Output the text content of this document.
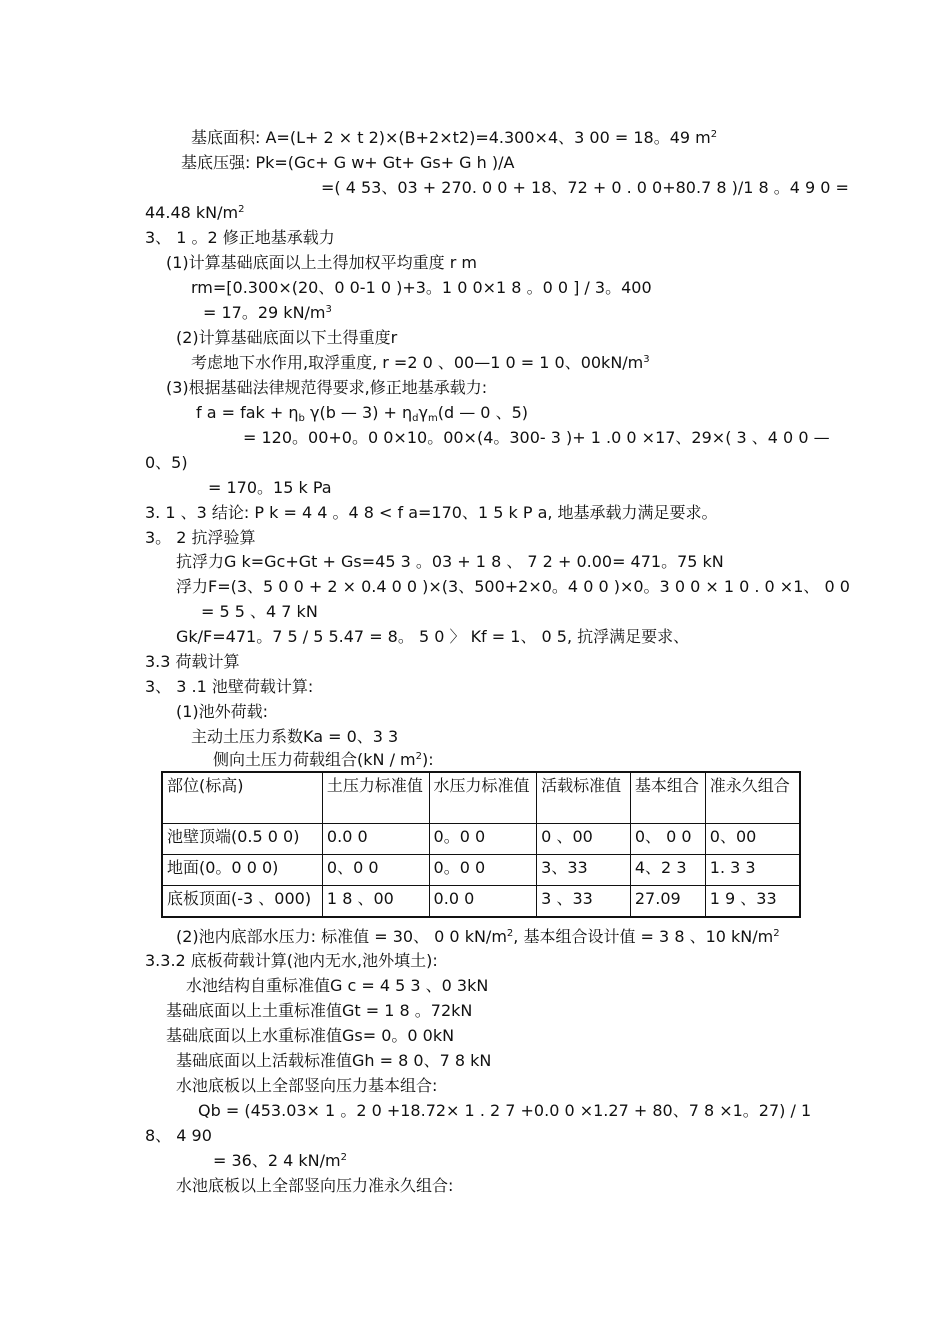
基底面积: A=(L+ 2 × t 2)×(B+2×t2)=4.300×4、3 00 = 18。49 $m^2$
基底压强: Pk=(Gc+ G w+ Gt+ Gs+ G h )/A
=( 4 53、03 + 270. 0 0 + 18、72 + 0 . 0 0+80.7 8 )/1 8 。4 9 0 =
44.48 $kN/m^2$
3、 1 。2 修正地基承载力
(1)计算基础底面以上土得加权平均重度 r m
rm=[0.300×(20、0 0-1 0 )+3。1 0 0×1 8 。0 0 ] / 3。400
= 17。29 $kN/m^3$
(2)计算基础底面以下土得重度r
考虑地下水作用,取浮重度, r =2 0 、00—1 0 = 1 0、$00kN/m^3$
(3)根据基础法律规范得要求,修正地基承载力:
f a = fak + $\eta_b$ γ(b — $3) + \eta_d\gamma_m(d$ — 0 、5)
= 120。00+0。0 0×10。00×(4。300- 3 )+ 1 .0 0 ×17、29×( 3 、4 0 0 —
0、5)
= 170。15 k Pa
3. 1 、3 结论: P k = 4 4 。4 8 < f a=170、1 5 k P a, 地基承载力满足要求。
3。 2 抗浮验算
抗浮力G k=Gc+Gt + Gs=45 3 。03 + 1 8 、 7 2 + 0.00= 471。75 kN
浮力F=(3、5 0 0 + 2 × 0.4 0 0 )×(3、500+2×0。4 0 0 )×0。3 0 0 × 1 0 . 0 ×1、 0 0
= 5 5 、4 7 kN
Gk/F=471。7 5 / 5 5.47 = 8。 5 0 〉 Kf = 1、 0 5, 抗浮满足要求、
3.3 荷载计算
3、 3 .1 池壁荷载计算:
(1)池外荷载:
主动土压力系数Ka = 0、3 3
侧向土压力荷载组合$(kN / m^2)$:
部位(标高)	土压力标准值	水压力标准值	活载标准值	基本组合	准永久组合
池壁顶端(0.5 0 0)	0.0 0	0。0 0	0 、00	0、 0 0	0、00
地面(0。0 0 0)	0、0 0	0。0 0	3、33	4、2 3	1. 3 3
底板顶面(-3 、000)	1 8 、00	0.0 0	3 、33	27.09	1 9 、33
(2)池内底部水压力: 标准值 = 30、 0 0 $kN/m^2$, 基本组合设计值 = 3 8 、10 $kN/m^2$
3.3.2 底板荷载计算(池内无水,池外填土):
水池结构自重标准值G c = 4 5 3 、0 3kN
基础底面以上土重标准值Gt = 1 8 。72kN
基础底面以上水重标准值Gs= 0。0 0kN
基础底面以上活载标准值Gh = 8 0、7 8 kN
水池底板以上全部竖向压力基本组合:
Qb = (453.03× 1 。2 0 +18.72× 1 . 2 7 +0.0 0 ×1.27 + 80、7 8 ×1。27) / 1
8、 4 90
= 36、2 4 $kN/m^2$
水池底板以上全部竖向压力准永久组合:
